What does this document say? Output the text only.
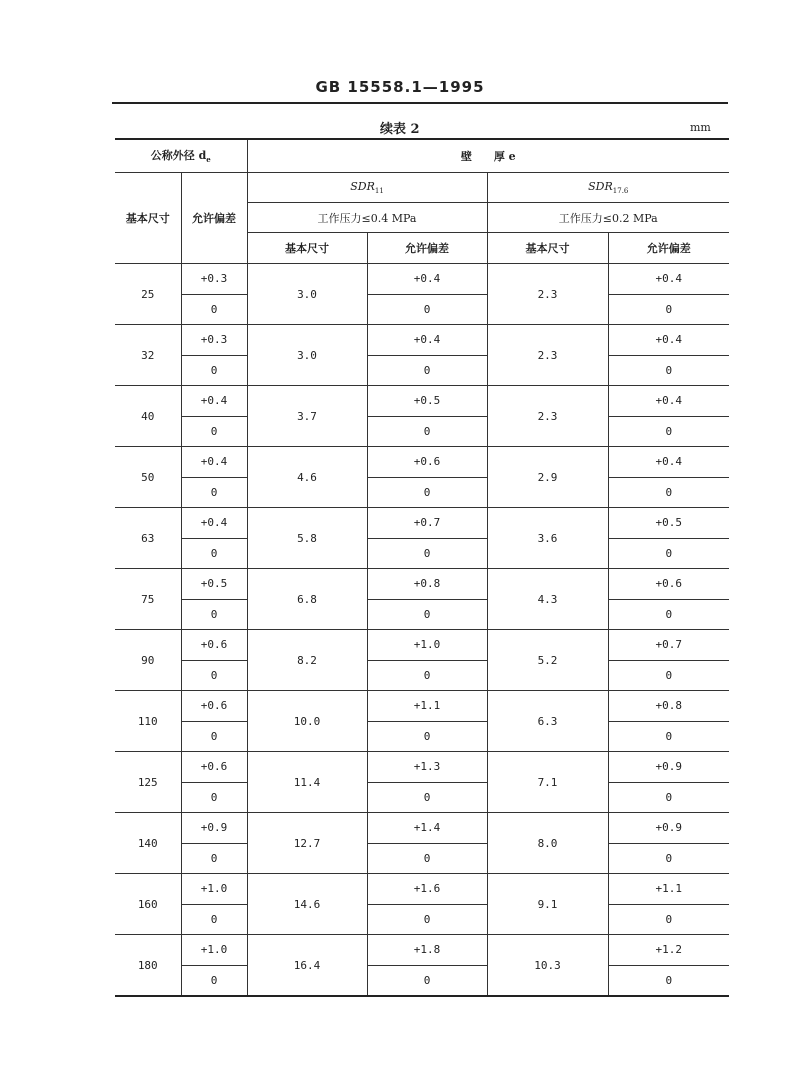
GB 15558.1—1995
续表 2	mm
公称外径 $d_e$		壁　　厚 e			
基本尺寸	允许偏差	$SDR_{11}$		$SDR_{17.6}$
		工作压力≤0.4 MPa		工作压力≤0.2 MPa	
		基本尺寸	允许偏差	基本尺寸	允许偏差
25	+0.3	3.0	+0.4	2.3	+0.4
	0		0		0
32	+0.3	3.0	+0.4	2.3	+0.4
	0		0		0
40	+0.4	3.7	+0.5	2.3	+0.4
	0		0		0
50	+0.4	4.6	+0.6	2.9	+0.4
	0		0		0
63	+0.4	5.8	+0.7	3.6	+0.5
	0		0		0
75	+0.5	6.8	+0.8	4.3	+0.6
	0		0		0
90	+0.6	8.2	+1.0	5.2	+0.7
	0		0		0
110	+0.6	10.0	+1.1	6.3	+0.8
	0		0		0
125	+0.6	11.4	+1.3	7.1	+0.9
	0		0		0
140	+0.9	12.7	+1.4	8.0	+0.9
	0		0		0
160	+1.0	14.6	+1.6	9.1	+1.1
	0		0		0
180	+1.0	16.4	+1.8	10.3	+1.2
	0		0		0
